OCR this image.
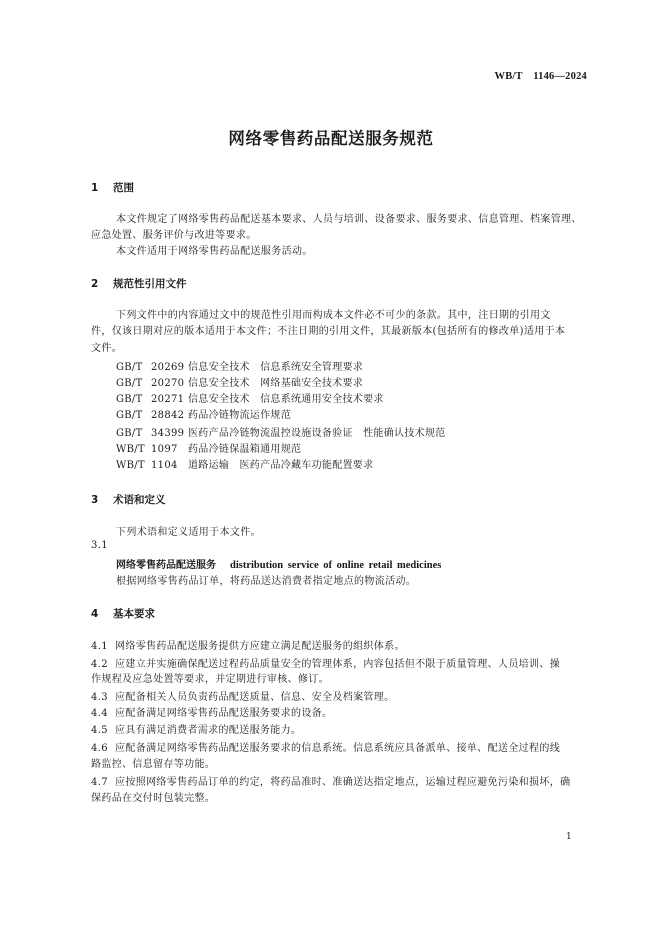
WB/T　1146—2024
网络零售药品配送服务规范
1 范围
本文件规定了网络零售药品配送基本要求、人员与培训、设备要求、服务要求、信息管理、档案管理、
应急处置、服务评价与改进等要求。
本文件适用于网络零售药品配送服务活动。
2 规范性引用文件
下列文件中的内容通过文中的规范性引用而构成本文件必不可少的条款。其中，注日期的引用文
件，仅该日期对应的版本适用于本文件；不注日期的引用文件，其最新版本(包括所有的修改单)适用于本
文件。
GB/T 20269 信息安全技术　信息系统安全管理要求
GB/T 20270 信息安全技术　网络基础安全技术要求
GB/T 20271 信息安全技术　信息系统通用安全技术要求
GB/T 28842 药品冷链物流运作规范
GB/T 34399 医药产品冷链物流温控设施设备验证　性能确认技术规范
WB/T 1097 药品冷链保温箱通用规范
WB/T 1104 道路运输　医药产品冷藏车功能配置要求
3 术语和定义
下列术语和定义适用于本文件。
3.1
网络零售药品配送服务 distribution service of online retail medicines
根据网络零售药品订单，将药品送达消费者指定地点的物流活动。
4 基本要求
4.1 网络零售药品配送服务提供方应建立满足配送服务的组织体系。
4.2 应建立并实施确保配送过程药品质量安全的管理体系，内容包括但不限于质量管理、人员培训、操
作规程及应急处置等要求，并定期进行审核、修订。
4.3 应配备相关人员负责药品配送质量、信息、安全及档案管理。
4.4 应配备满足网络零售药品配送服务要求的设备。
4.5 应具有满足消费者需求的配送服务能力。
4.6 应配备满足网络零售药品配送服务要求的信息系统。信息系统应具备派单、接单、配送全过程的线
路监控、信息留存等功能。
4.7 应按照网络零售药品订单的约定，将药品准时、准确送达指定地点，运输过程应避免污染和损坏，确
保药品在交付时包装完整。
1
